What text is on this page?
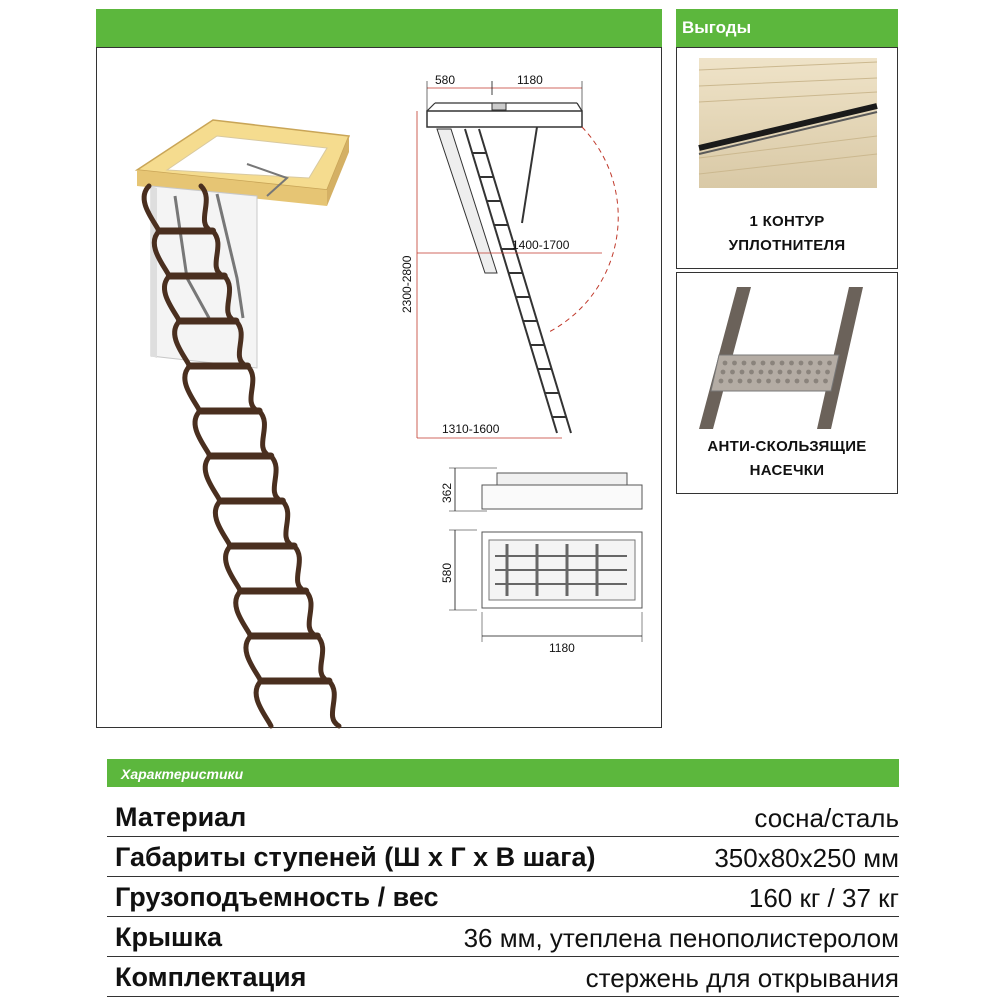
Выгоды
580	1180
2300-2800
1400-1700
1310-1600
362
580
1180
1 КОНТУР
УПЛОТНИТЕЛЯ
АНТИ-СКОЛЬЗЯЩИЕ
НАСЕЧКИ
Характеристики
Материал	сосна/сталь
Габариты ступеней (Ш х Г х В шага)	350x80x250 мм
Грузоподъемность / вес	160 кг / 37 кг
Крышка	36 мм, утеплена пенополистеролом
Комплектация	стержень для открывания
